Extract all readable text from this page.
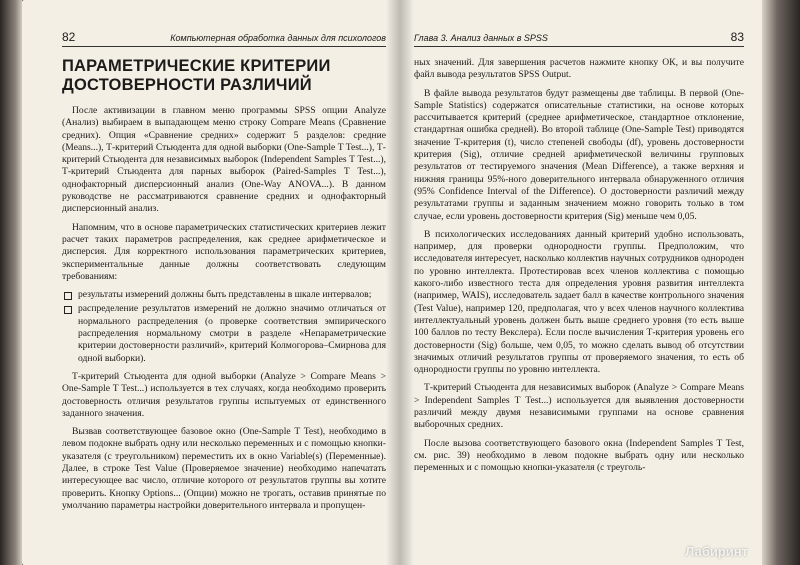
82	Компьютерная обработка данных для психологов
ПАРАМЕТРИЧЕСКИЕ КРИТЕРИИ
ДОСТОВЕРНОСТИ РАЗЛИЧИЙ

После активизации в главном меню программы SPSS опции Analyze (Анализ) выбираем в выпадающем меню строку Compare Means (Сравнение средних). Опция «Сравнение средних» содержит 5 разделов: средние (Means...), Т-критерий Стьюдента для одной выборки (One-Sample T Test...), Т-критерий Стьюдента для независимых выборок (Independent Samples T Test...), Т-критерий Стьюдента для парных выборок (Paired-Samples T Test...), однофакторный дисперсионный анализ (One-Way ANOVA...). В данном руководстве не рассматриваются сравнение средних и однофакторный дисперсионный анализ.

Напомним, что в основе параметрических статистических критериев лежит расчет таких параметров распределения, как среднее арифметическое и дисперсия. Для корректного использования параметрических критериев, экспериментальные данные должны соответствовать следующим требованиям:

результаты измерений должны быть представлены в шкале интервалов;
распределение результатов измерений не должно значимо отличаться от нормального распределения (о проверке соответствия эмпирического распределения нормальному смотри в разделе «Непараметрические критерии достоверности различий», критерий Колмогорова–Смирнова для одной выборки).

Т-критерий Стьюдента для одной выборки (Analyze > Compare Means > One-Sample T Test...) используется в тех случаях, когда необходимо проверить достоверность отличия результатов группы испытуемых от единственного заданного значения.

Вызвав соответствующее базовое окно (One-Sample T Test), необходимо в левом подокне выбрать одну или несколько переменных и с помощью кнопки-указателя (с треугольником) переместить их в окно Variable(s) (Переменные). Далее, в строке Test Value (Проверяемое значение) необходимо напечатать интересующее вас число, отличие которого от результатов группы вы хотите проверить. Кнопку Options... (Опции) можно не трогать, оставив принятые по умолчанию параметры настройки доверительного интервала и пропущен-

Глава 3. Анализ данных в SPSS	83

ных значений. Для завершения расчетов нажмите кнопку ОК, и вы получите файл вывода результатов SPSS Output.

В файле вывода результатов будут размещены две таблицы. В первой (One-Sample Statistics) содержатся описательные статистики, на основе которых рассчитывается критерий (среднее арифметическое, стандартное отклонение, стандартная ошибка средней). Во второй таблице (One-Sample Test) приводятся значение Т-критерия (t), число степеней свободы (df), уровень достоверности критерия (Sig), отличие средней арифметической величины групповых результатов от тестируемого значения (Mean Difference), а также верхняя и нижняя границы 95%-ного доверительного интервала обнаруженного отличия (95% Confidence Interval of the Difference). О достоверности различий между результатами группы и заданным значением можно говорить только в том случае, если уровень достоверности критерия (Sig) меньше чем 0,05.

В психологических исследованиях данный критерий удобно использовать, например, для проверки однородности группы. Предположим, что исследователя интересует, насколько коллектив научных сотрудников однороден по уровню интеллекта. Протестировав всех членов коллектива с помощью какого-либо известного теста для определения уровня развития интеллекта (например, WAIS), исследователь задает балл в качестве контрольного значения (Test Value), например 120, предполагая, что у всех членов научного коллектива интеллектуальный уровень должен быть выше среднего уровня (то есть выше 100 баллов по тесту Векслера). Если после вычисления Т-критерия уровень его достоверности (Sig) больше, чем 0,05, то можно сделать вывод об отсутствии значимых отличий результатов группы от проверяемого значения, то есть об однородности группы по уровню интеллекта.

Т-критерий Стьюдента для независимых выборок (Analyze > Compare Means > Independent Samples T Test...) используется для выявления достоверности различий между двумя независимыми группами на основе сравнения выборочных средних.

После вызова соответствующего базового окна (Independent Samples T Test, см. рис. 39) необходимо в левом подокне выбрать одну или несколько переменных и с помощью кнопки-указателя (с треуголь-

Лабиринт
